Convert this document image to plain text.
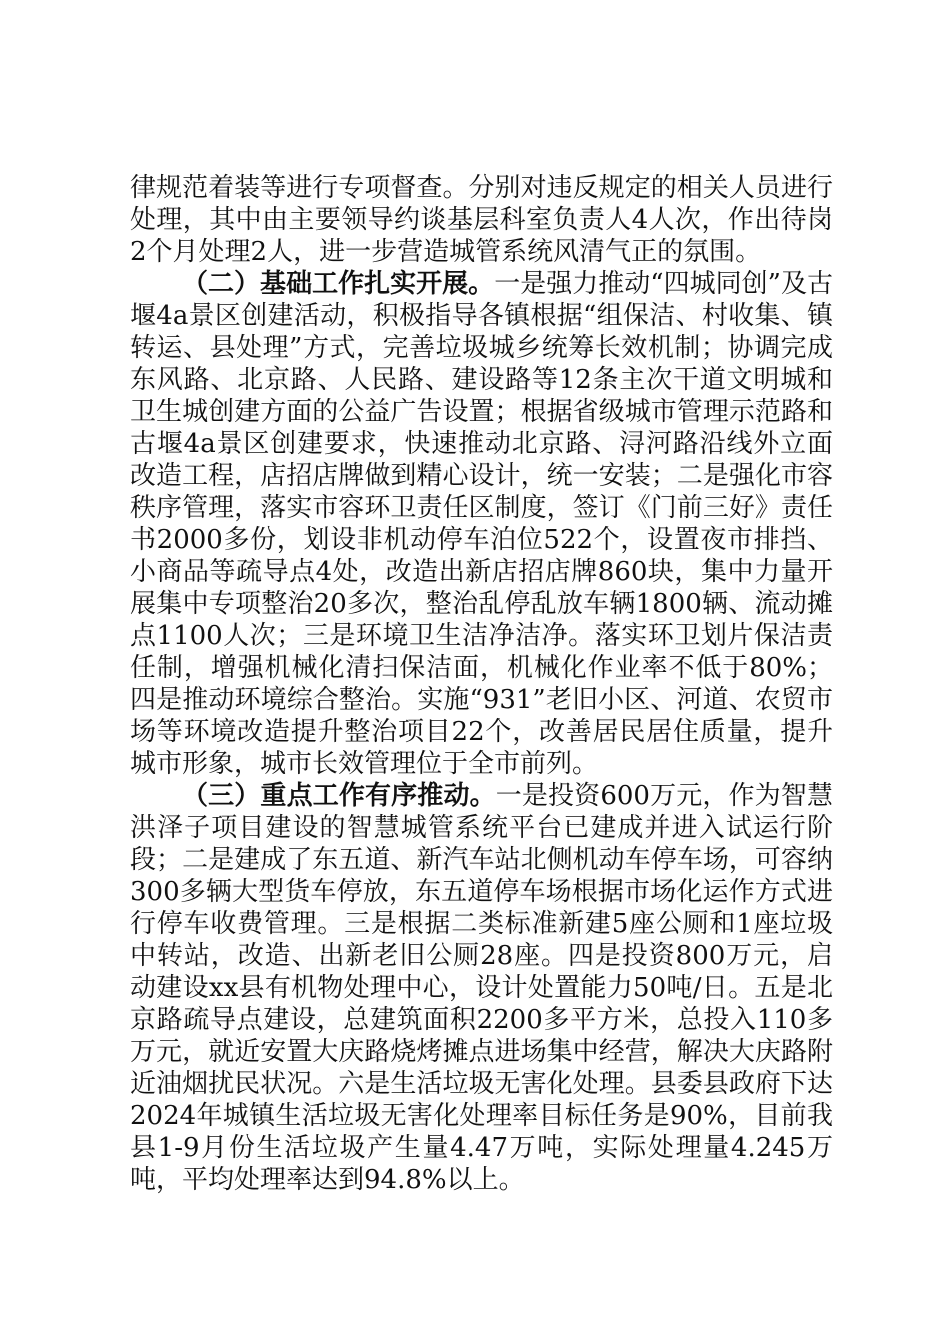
律规范着装等进行专项督查。分别对违反规定的相关人员进行处理，其中由主要领导约谈基层科室负责人4人次，作出待岗2个月处理2人，进一步营造城管系统风清气正的氛围。

（二）基础工作扎实开展。一是强力推动“四城同创”及古堰4a景区创建活动，积极指导各镇根据“组保洁、村收集、镇转运、县处理”方式，完善垃圾城乡统筹长效机制；协调完成东风路、北京路、人民路、建设路等12条主次干道文明城和卫生城创建方面的公益广告设置；根据省级城市管理示范路和古堰4a景区创建要求，快速推动北京路、浔河路沿线外立面改造工程，店招店牌做到精心设计，统一安装；二是强化市容秩序管理，落实市容环卫责任区制度，签订《门前三好》责任书2000多份，划设非机动停车泊位522个，设置夜市排挡、小商品等疏导点4处，改造出新店招店牌860块，集中力量开展集中专项整治20多次，整治乱停乱放车辆1800辆、流动摊点1100人次；三是环境卫生洁净洁净。落实环卫划片保洁责任制，增强机械化清扫保洁面，机械化作业率不低于80%；四是推动环境综合整治。实施“931”老旧小区、河道、农贸市场等环境改造提升整治项目22个，改善居民居住质量，提升城市形象，城市长效管理位于全市前列。

（三）重点工作有序推动。一是投资600万元，作为智慧洪泽子项目建设的智慧城管系统平台已建成并进入试运行阶段；二是建成了东五道、新汽车站北侧机动车停车场，可容纳300多辆大型货车停放，东五道停车场根据市场化运作方式进行停车收费管理。三是根据二类标准新建5座公厕和1座垃圾中转站，改造、出新老旧公厕28座。四是投资800万元，启动建设xx县有机物处理中心，设计处置能力50吨/日。五是北京路疏导点建设，总建筑面积2200多平方米，总投入110多万元，就近安置大庆路烧烤摊点进场集中经营，解决大庆路附近油烟扰民状况。六是生活垃圾无害化处理。县委县政府下达2024年城镇生活垃圾无害化处理率目标任务是90%，目前我县1-9月份生活垃圾产生量4.47万吨，实际处理量4.245万吨，平均处理率达到94.8%以上。
